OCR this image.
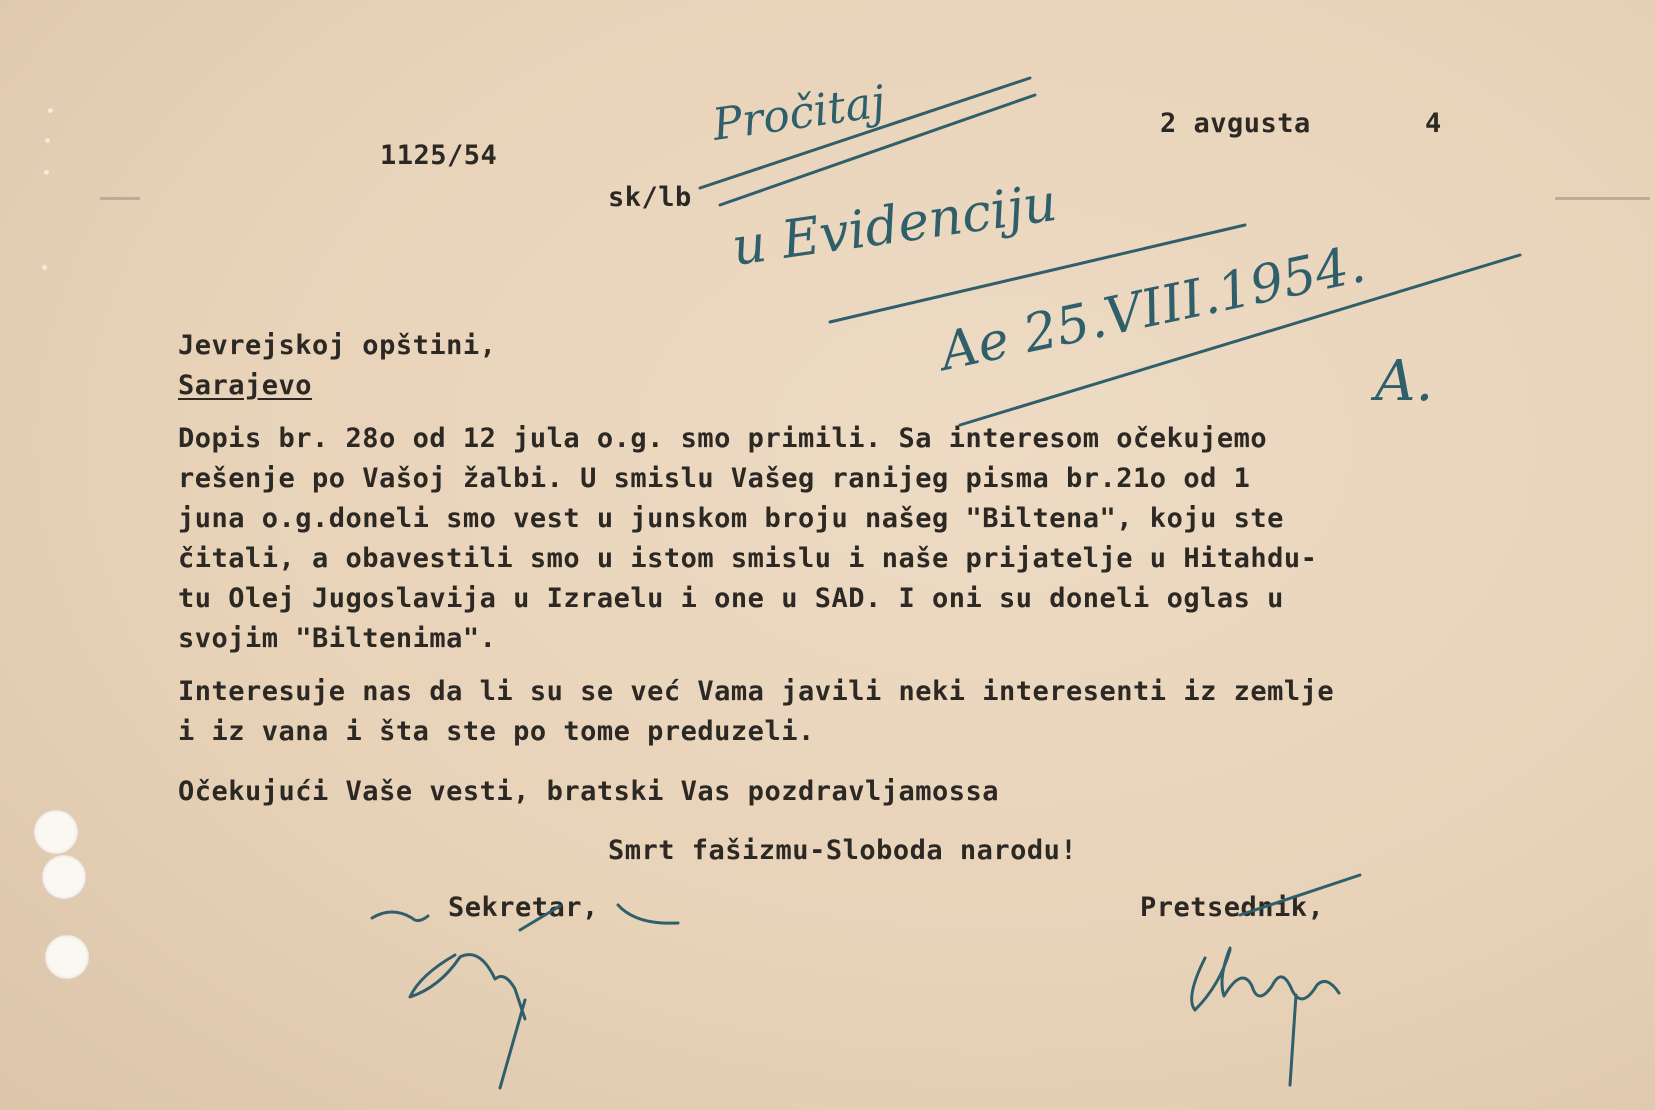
1125/54
sk/lb
2 avgusta	4
Jevrejskoj opštini,
Sarajevo
Dopis br. 28o od 12 jula o.g. smo primili. Sa interesom očekujemo
rešenje po Vašoj žalbi. U smislu Vašeg ranijeg pisma br.21o od 1
juna o.g.doneli smo vest u junskom broju našeg "Biltena", koju ste
čitali, a obavestili smo u istom smislu i naše prijatelje u Hitahdu-
tu Olej Jugoslavija u Izraelu i one u SAD. I oni su doneli oglas u
svojim "Biltenima".
Interesuje nas da li su se već Vama javili neki interesenti iz zemlje
i iz vana i šta ste po tome preduzeli.
Očekujući Vaše vesti, bratski Vas pozdravljamossa
Smrt fašizmu-Sloboda narodu!
Sekretar,	Pretsednik,
Pročitaj
u Evidenciju
Ae 25.VIII.1954. A.
